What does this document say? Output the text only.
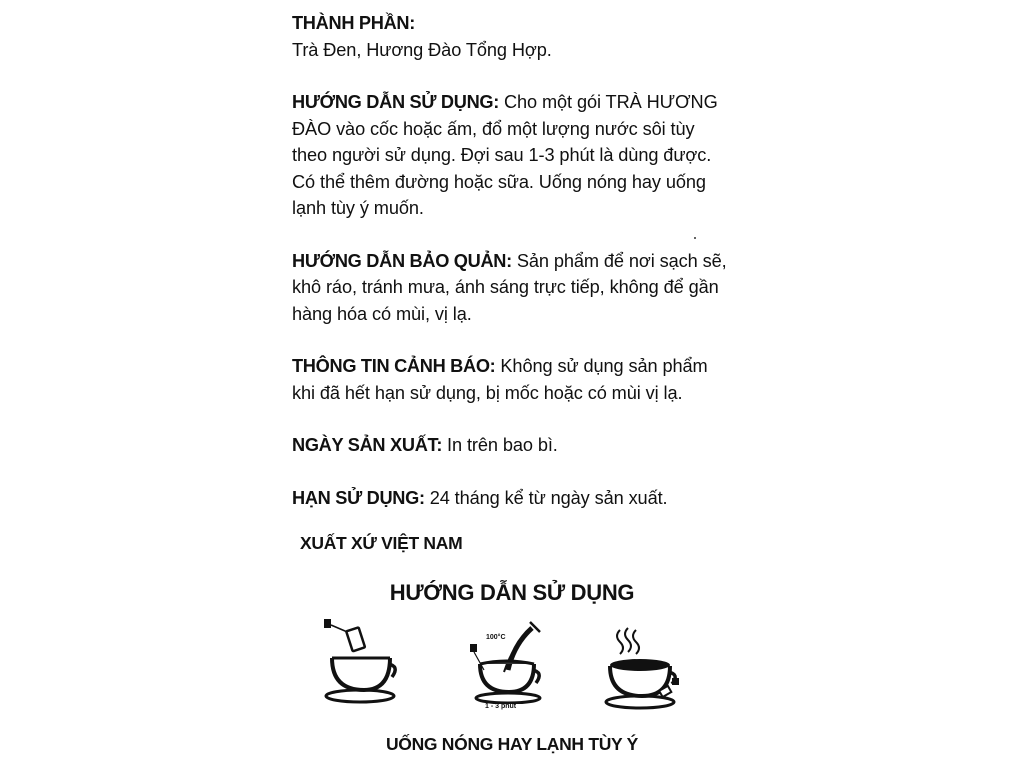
THÀNH PHẦN:
Trà Đen, Hương Đào Tổng Hợp.
HƯỚNG DẪN SỬ DỤNG: Cho một gói TRÀ HƯƠNG ĐÀO vào cốc hoặc ấm, đổ một lượng nước sôi tùy theo người sử dụng. Đợi sau 1-3 phút là dùng được. Có thể thêm đường hoặc sữa. Uống nóng hay uống lạnh tùy ý muốn.
HƯỚNG DẪN BẢO QUẢN: Sản phẩm để nơi sạch sẽ, khô ráo, tránh mưa, ánh sáng trực tiếp, không để gần hàng hóa có mùi, vị lạ.
THÔNG TIN CẢNH BÁO: Không sử dụng sản phẩm khi đã hết hạn sử dụng, bị mốc hoặc có mùi vị lạ.
NGÀY SẢN XUẤT: In trên bao bì.
HẠN SỬ DỤNG: 24 tháng kể từ ngày sản xuất.
XUẤT XỨ VIỆT NAM
HƯỚNG DẪN SỬ DỤNG
100°C
1 - 3 phút
UỐNG NÓNG HAY LẠNH TÙY Ý
